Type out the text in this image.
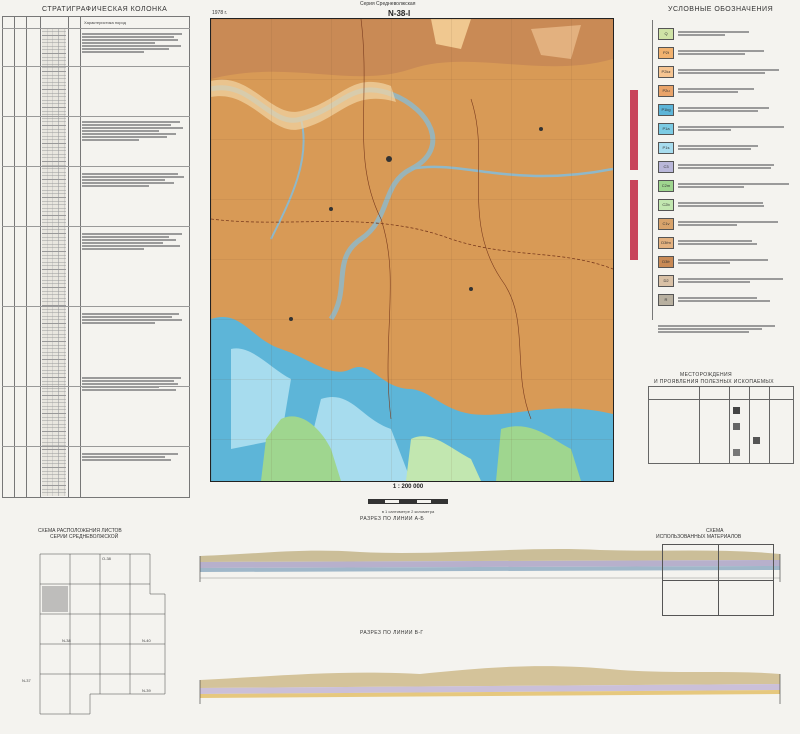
Серия Средневолжская
N-38-I
1978 г.
СТРАТИГРАФИЧЕСКАЯ КОЛОНКА
Характеристика пород
УСЛОВНЫЕ ОБОЗНАЧЕНИЯ
Q
P2t
P2kz
P2u
P1kg
P1a
P1s
C3
C2m
C2b
C1v
D3fm
D3fr
D2
R
МЕСТОРОЖДЕНИЯ
И ПРОЯВЛЕНИЯ ПОЛЕЗНЫХ ИСКОПАЕМЫХ
1 : 200 000
в 1 сантиметре 2 километра
РАЗРЕЗ ПО ЛИНИИ А-Б
РАЗРЕЗ ПО ЛИНИИ В-Г
СХЕМА РАСПОЛОЖЕНИЯ ЛИСТОВ
СЕРИИ СРЕДНЕВОЛЖСКОЙ
O-38
N-38	N-40
N-37
N-39
СХЕМА
ИСПОЛЬЗОВАННЫХ МАТЕРИАЛОВ
